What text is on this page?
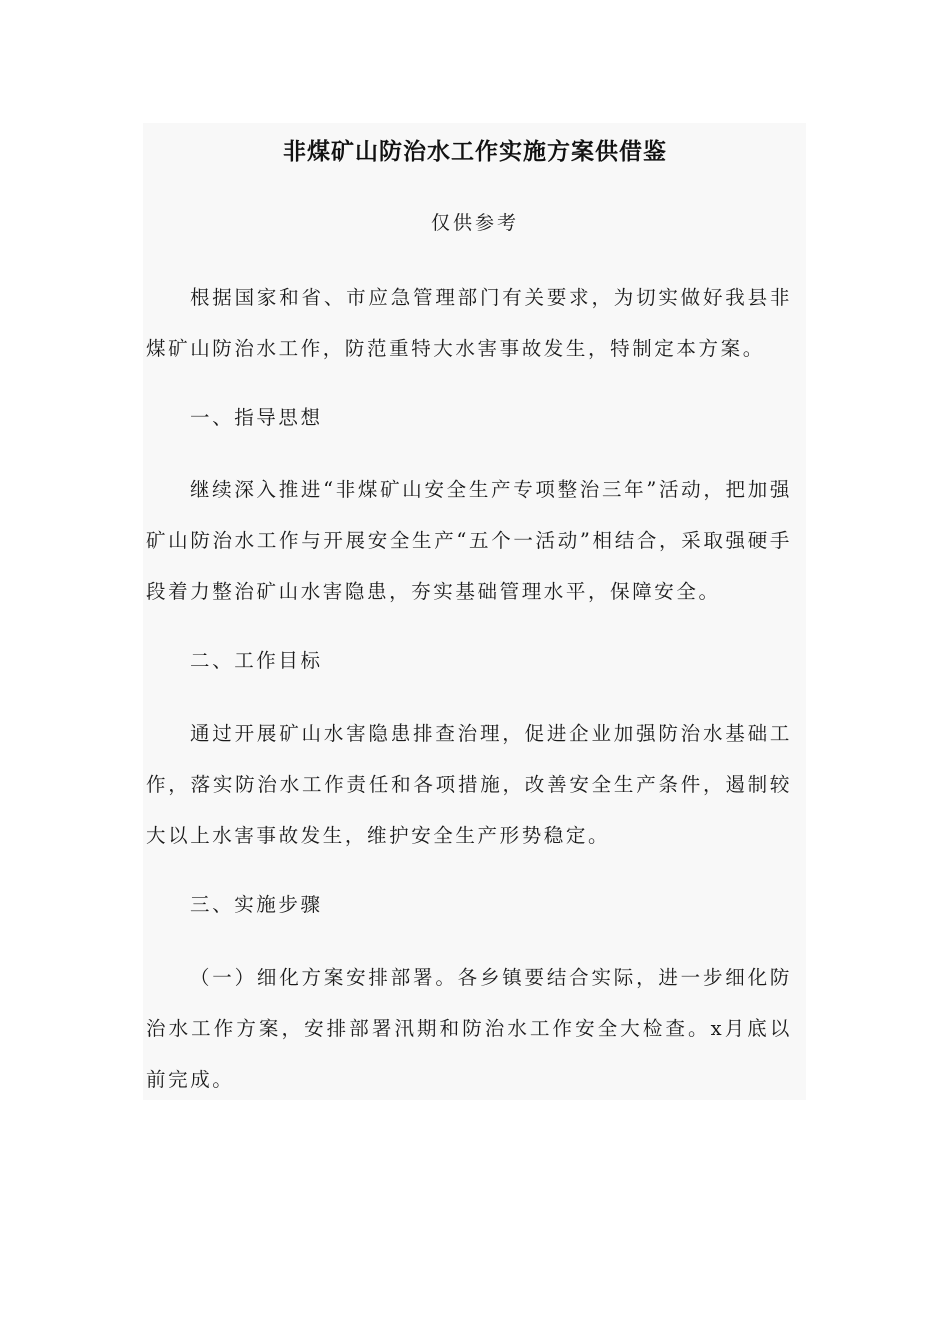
非煤矿山防治水工作实施方案供借鉴

仅供参考

根据国家和省、市应急管理部门有关要求，为切实做好我县非煤矿山防治水工作，防范重特大水害事故发生，特制定本方案。

一、指导思想

继续深入推进“非煤矿山安全生产专项整治三年”活动，把加强矿山防治水工作与开展安全生产“五个一活动”相结合，采取强硬手段着力整治矿山水害隐患，夯实基础管理水平，保障安全。

二、工作目标

通过开展矿山水害隐患排查治理，促进企业加强防治水基础工作，落实防治水工作责任和各项措施，改善安全生产条件，遏制较大以上水害事故发生，维护安全生产形势稳定。

三、实施步骤

（一）细化方案安排部署。各乡镇要结合实际，进一步细化防治水工作方案，安排部署汛期和防治水工作安全大检查。x月底以前完成。
